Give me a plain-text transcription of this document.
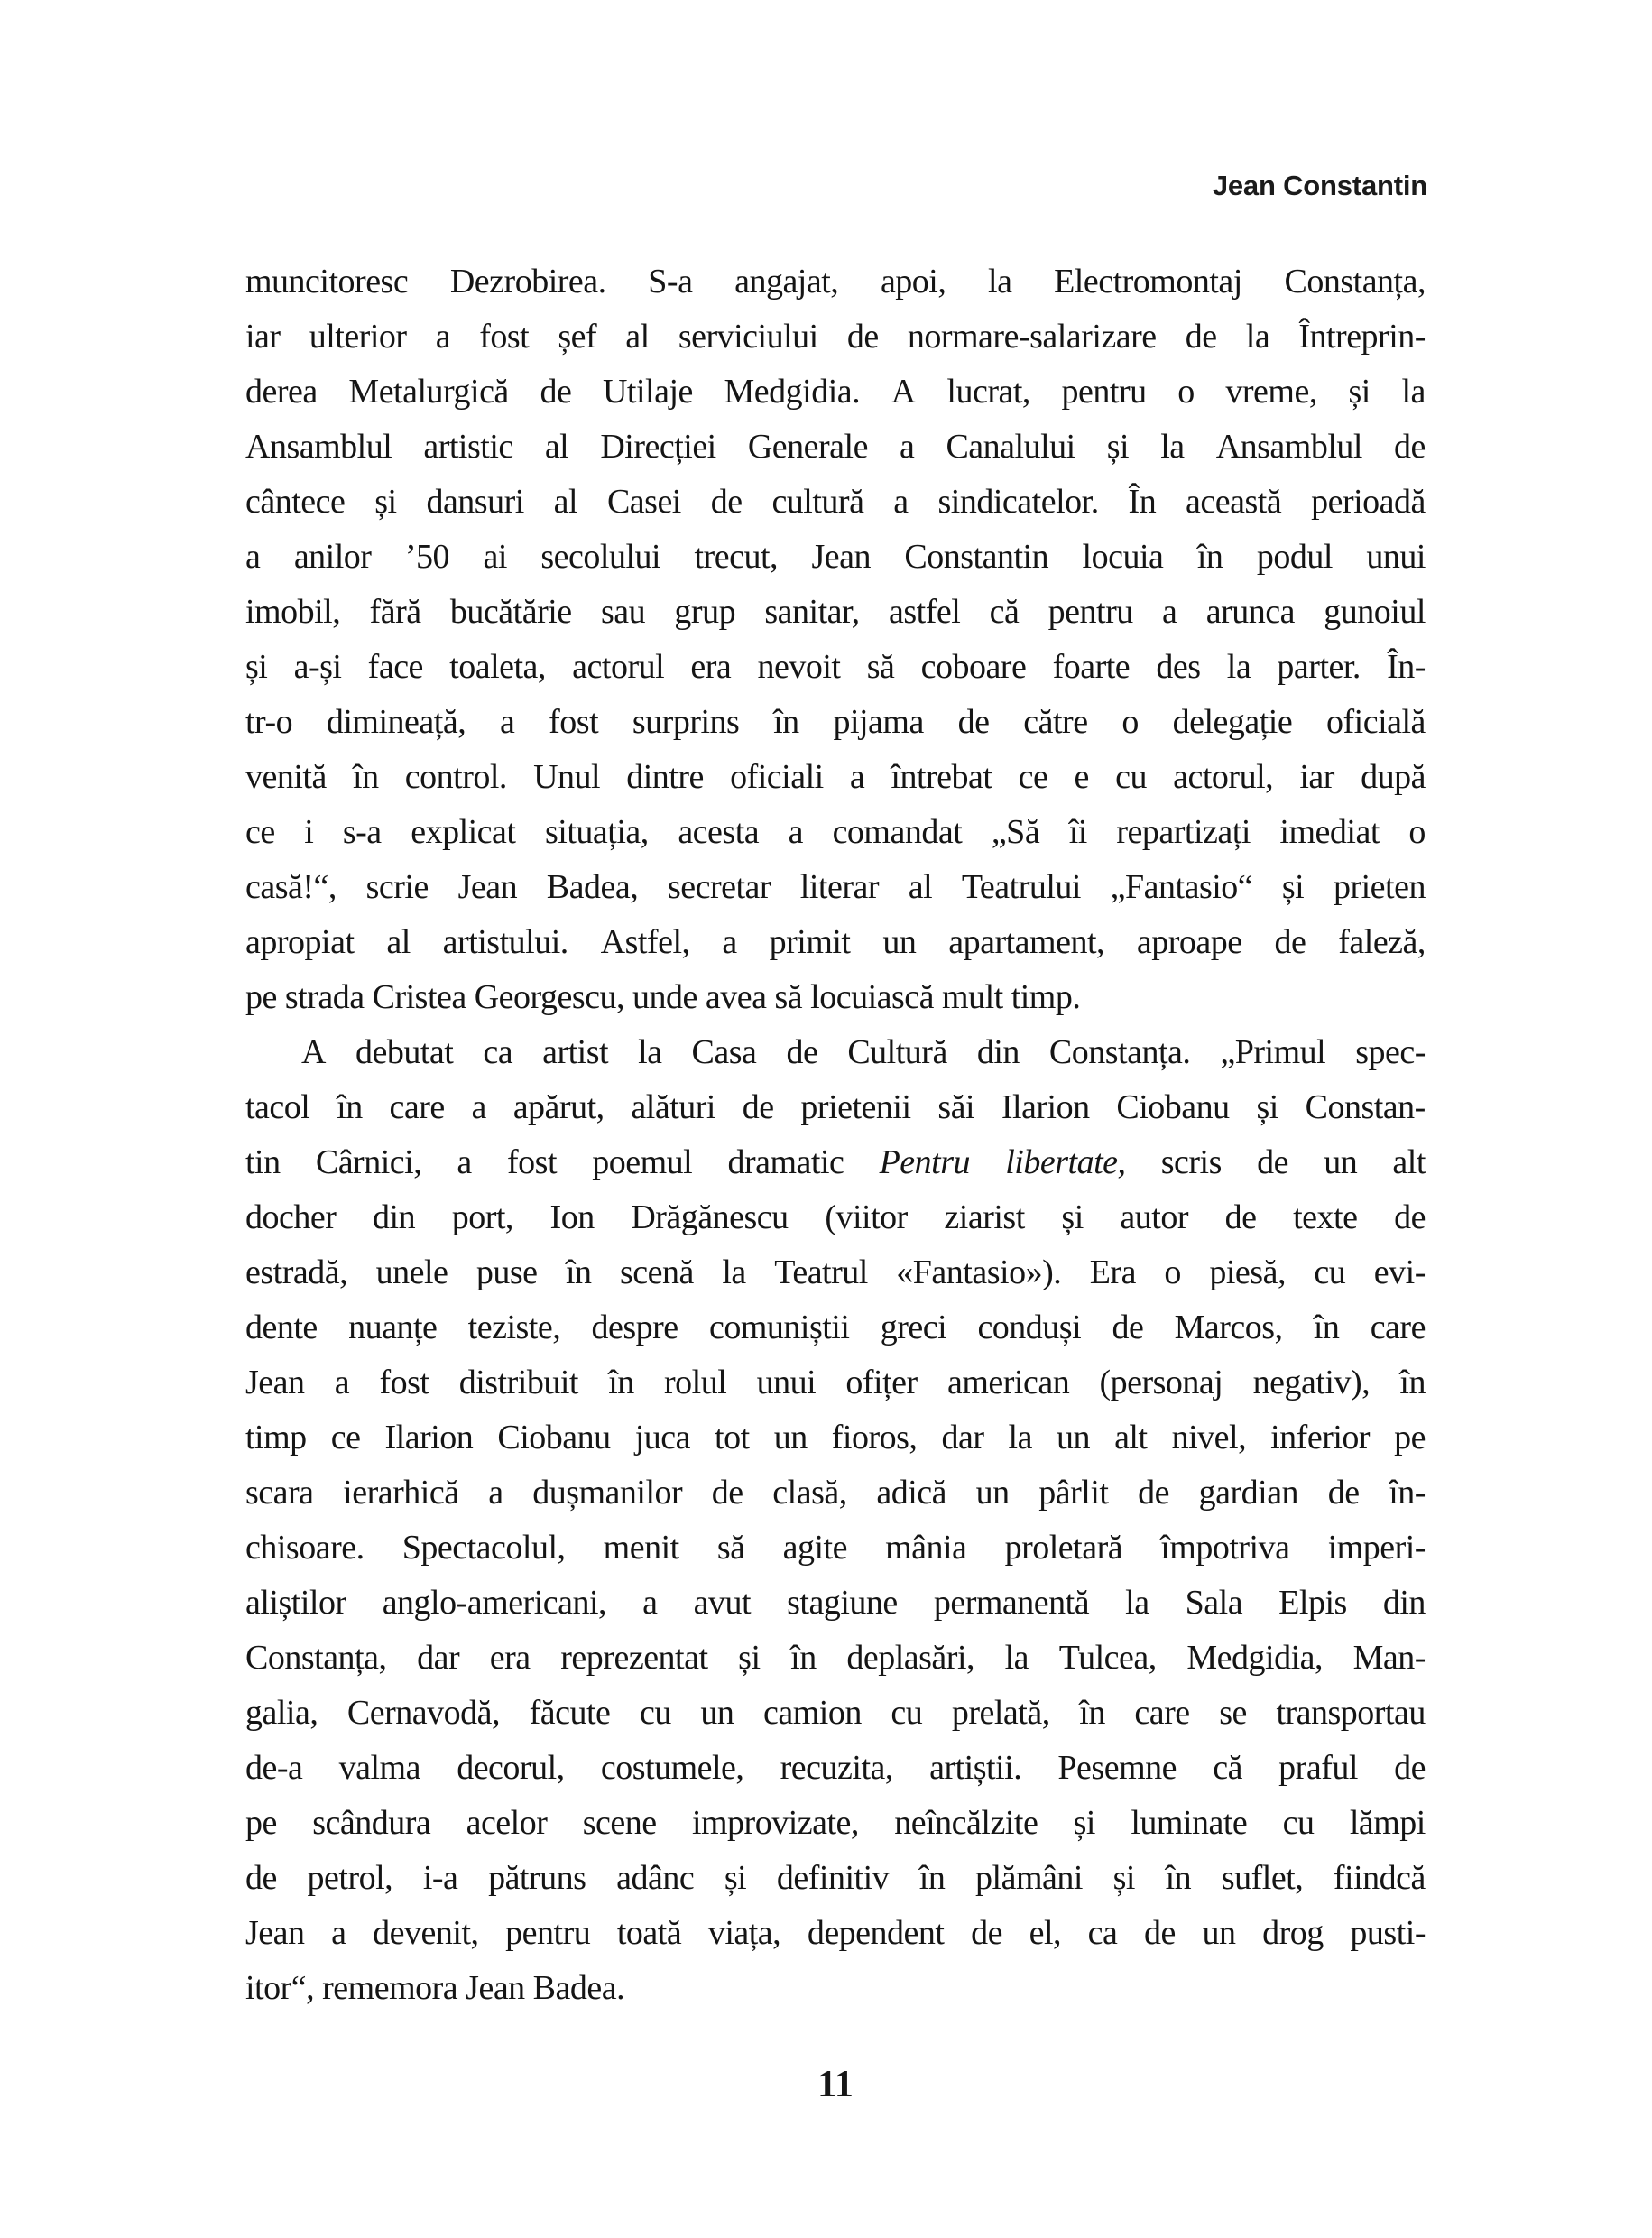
Jean Constantin
muncitoresc Dezrobirea. S-a angajat, apoi, la Electromontaj Constanța,
iar ulterior a fost șef al serviciului de normare-salarizare de la Întreprin-
derea Metalurgică de Utilaje Medgidia. A lucrat, pentru o vreme, și la
Ansamblul artistic al Direcției Generale a Canalului și la Ansamblul de
cântece și dansuri al Casei de cultură a sindicatelor. În această perioadă
a anilor ’50 ai secolului trecut, Jean Constantin locuia în podul unui
imobil, fără bucătărie sau grup sanitar, astfel că pentru a arunca gunoiul
și a-și face toaleta, actorul era nevoit să coboare foarte des la parter. În-
tr-o dimineață, a fost surprins în pijama de către o delegație oficială
venită în control. Unul dintre oficiali a întrebat ce e cu actorul, iar după
ce i s-a explicat situația, acesta a comandat „Să îi repartizați imediat o
casă!“, scrie Jean Badea, secretar literar al Teatrului „Fantasio“ și prieten
apropiat al artistului. Astfel, a primit un apartament, aproape de faleză,
pe strada Cristea Georgescu, unde avea să locuiască mult timp.
A debutat ca artist la Casa de Cultură din Constanța. „Primul spec-
tacol în care a apărut, alături de prietenii săi Ilarion Ciobanu și Constan-
tin Cârnici, a fost poemul dramatic Pentru libertate, scris de un alt
docher din port, Ion Drăgănescu (viitor ziarist și autor de texte de
estradă, unele puse în scenă la Teatrul «Fantasio»). Era o piesă, cu evi-
dente nuanțe teziste, despre comuniștii greci conduși de Marcos, în care
Jean a fost distribuit în rolul unui ofițer american (personaj negativ), în
timp ce Ilarion Ciobanu juca tot un fioros, dar la un alt nivel, inferior pe
scara ierarhică a dușmanilor de clasă, adică un pârlit de gardian de în-
chisoare. Spectacolul, menit să agite mânia proletară împotriva imperi-
aliștilor anglo-americani, a avut stagiune permanentă la Sala Elpis din
Constanța, dar era reprezentat și în deplasări, la Tulcea, Medgidia, Man-
galia, Cernavodă, făcute cu un camion cu prelată, în care se transportau
de-a valma decorul, costumele, recuzita, artiștii. Pesemne că praful de
pe scândura acelor scene improvizate, neîncălzite și luminate cu lămpi
de petrol, i-a pătruns adânc și definitiv în plămâni și în suflet, fiindcă
Jean a devenit, pentru toată viața, dependent de el, ca de un drog pusti-
itor“, rememora Jean Badea.
11
